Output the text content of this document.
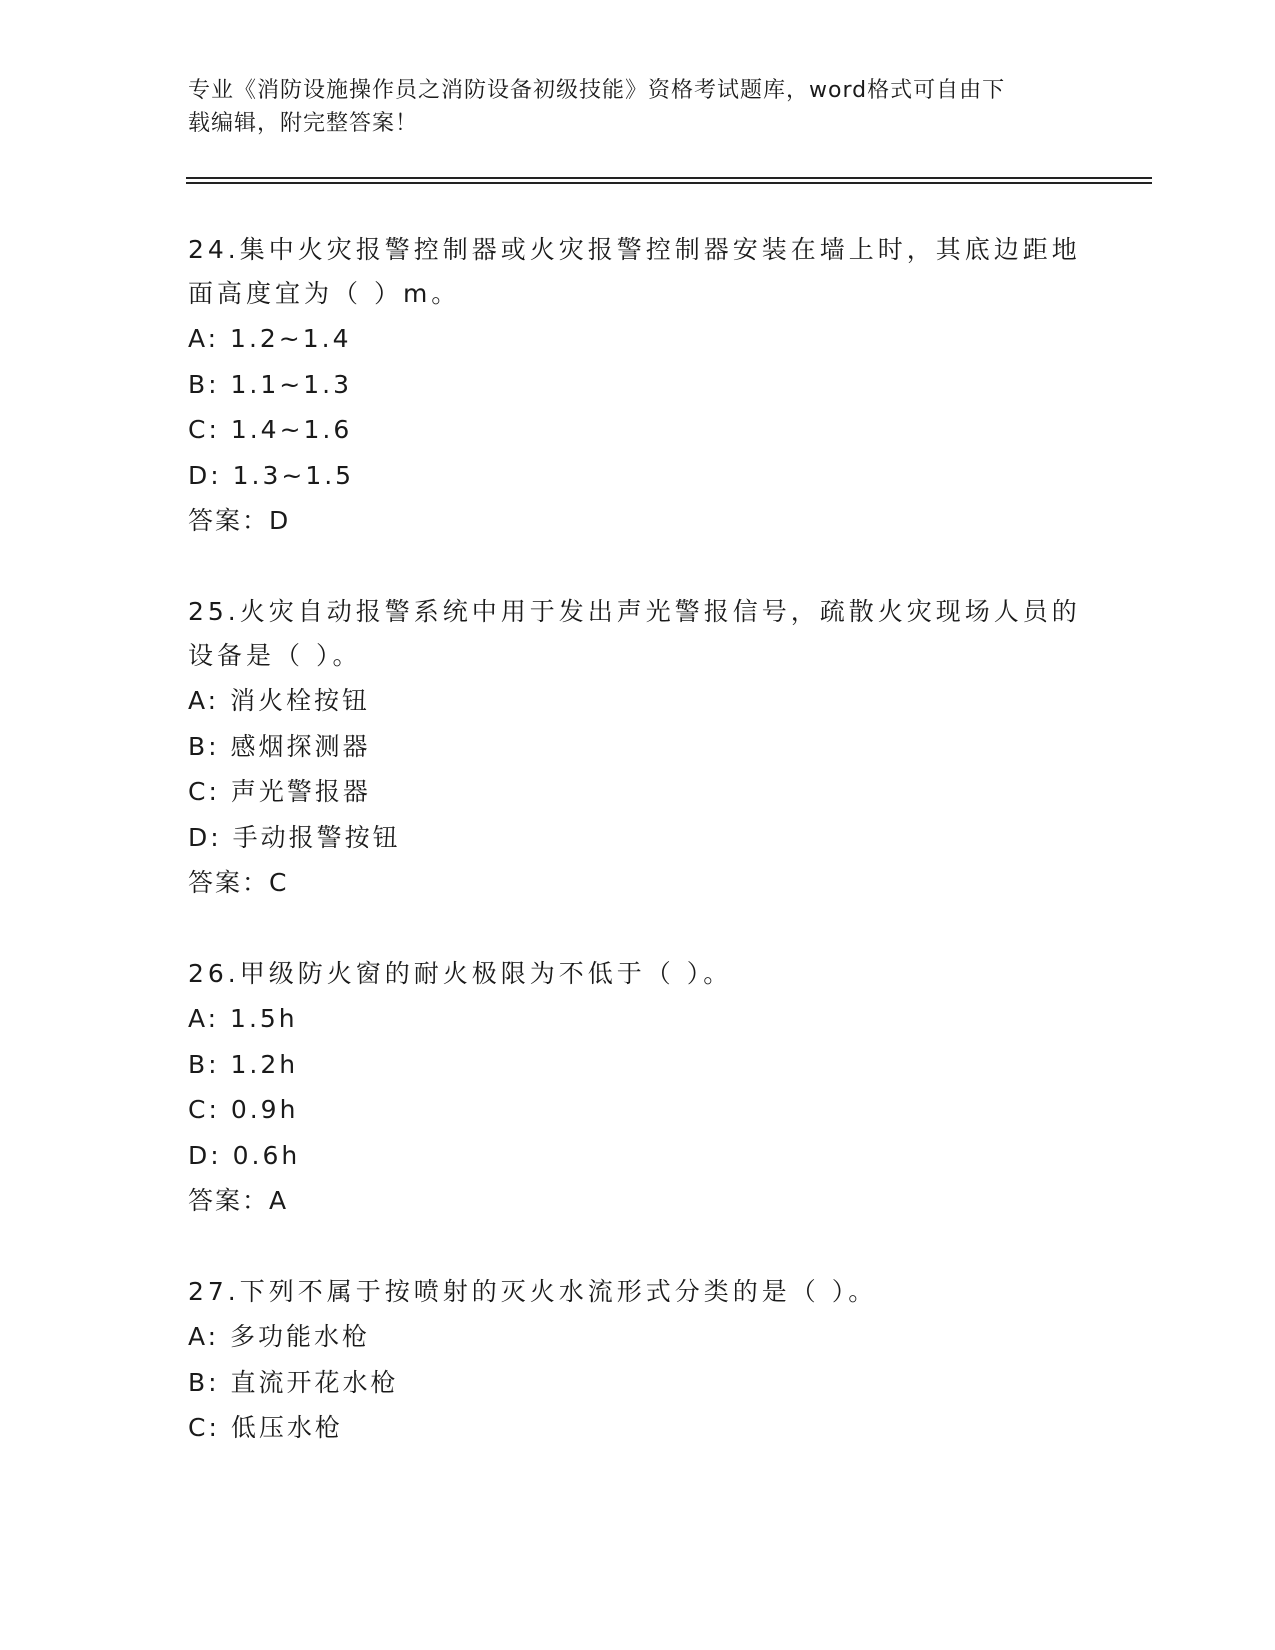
专业《消防设施操作员之消防设备初级技能》资格考试题库，word格式可自由下
载编辑，附完整答案！

24.集中火灾报警控制器或火灾报警控制器安装在墙上时，其底边距地

面高度宜为（ ）m。

A: 1.2~1.4

B: 1.1~1.3

C: 1.4~1.6

D: 1.3~1.5

答案：D

25.火灾自动报警系统中用于发出声光警报信号，疏散火灾现场人员的

设备是（ ）。

A: 消火栓按钮

B: 感烟探测器

C: 声光警报器

D: 手动报警按钮

答案：C

26.甲级防火窗的耐火极限为不低于（ ）。

A: 1.5h

B: 1.2h

C: 0.9h

D: 0.6h

答案：A

27.下列不属于按喷射的灭火水流形式分类的是（ ）。

A: 多功能水枪

B: 直流开花水枪

C: 低压水枪
